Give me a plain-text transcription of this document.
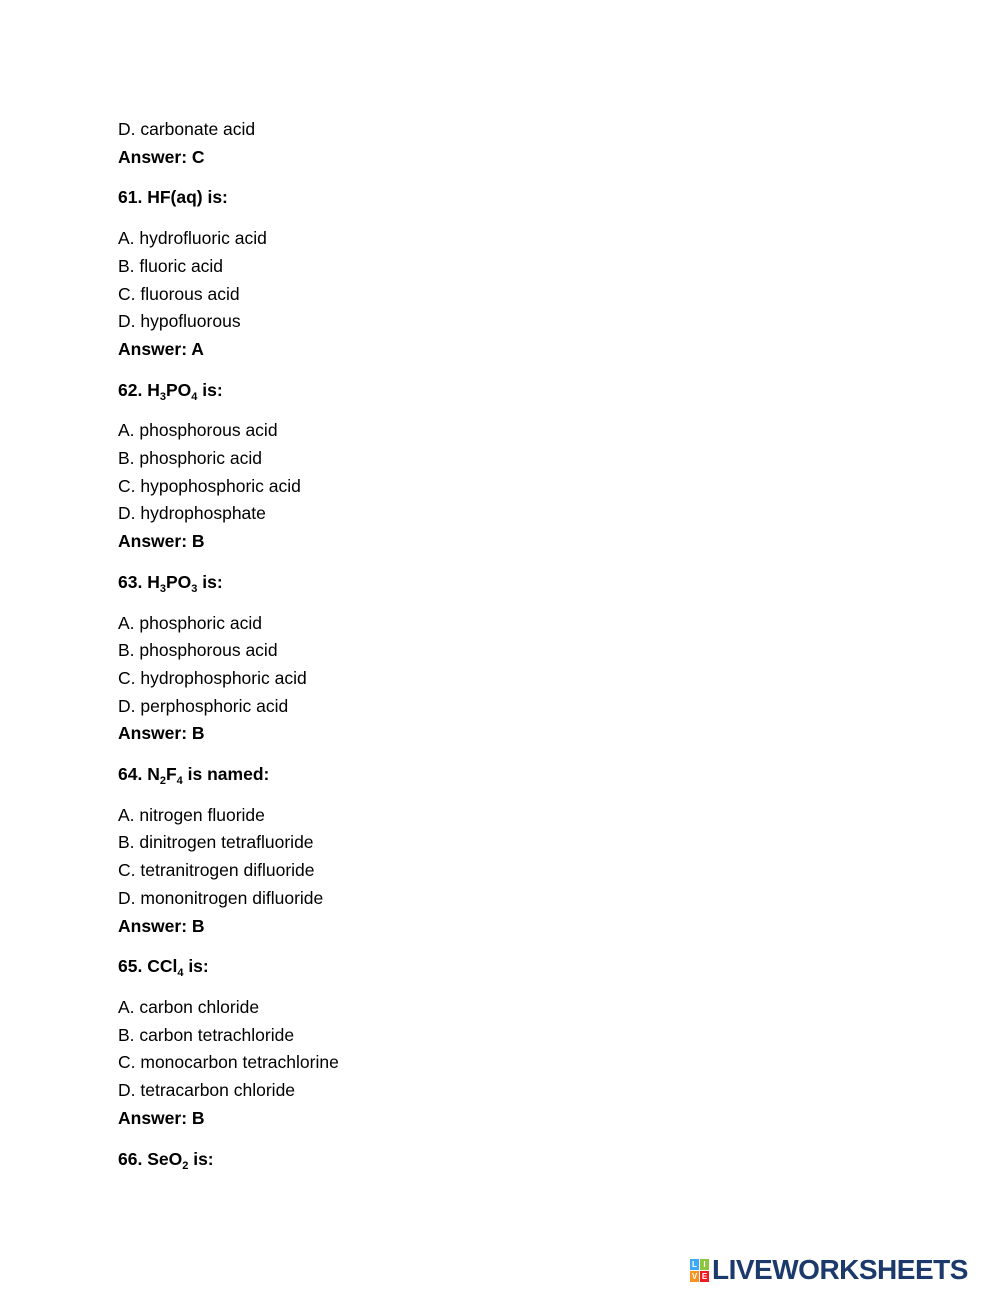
D. carbonate acid
Answer: C
61. HF(aq) is:
A. hydrofluoric acid
B. fluoric acid
C. fluorous acid
D. hypofluorous
Answer: A
62. $H_3PO_4$ is:
A. phosphorous acid
B. phosphoric acid
C. hypophosphoric acid
D. hydrophosphate
Answer: B
63. $H_3PO_3$ is:
A. phosphoric acid
B. phosphorous acid
C. hydrophosphoric acid
D. perphosphoric acid
Answer: B
64. $N_2F_4$ is named:
A. nitrogen fluoride
B. dinitrogen tetrafluoride
C. tetranitrogen difluoride
D. mononitrogen difluoride
Answer: B
65. CCl$_4$ is:
A. carbon chloride
B. carbon tetrachloride
C. monocarbon tetrachlorine
D. tetracarbon chloride
Answer: B
66. SeO$_2$ is:
L I
V E LIVEWORKSHEETS
